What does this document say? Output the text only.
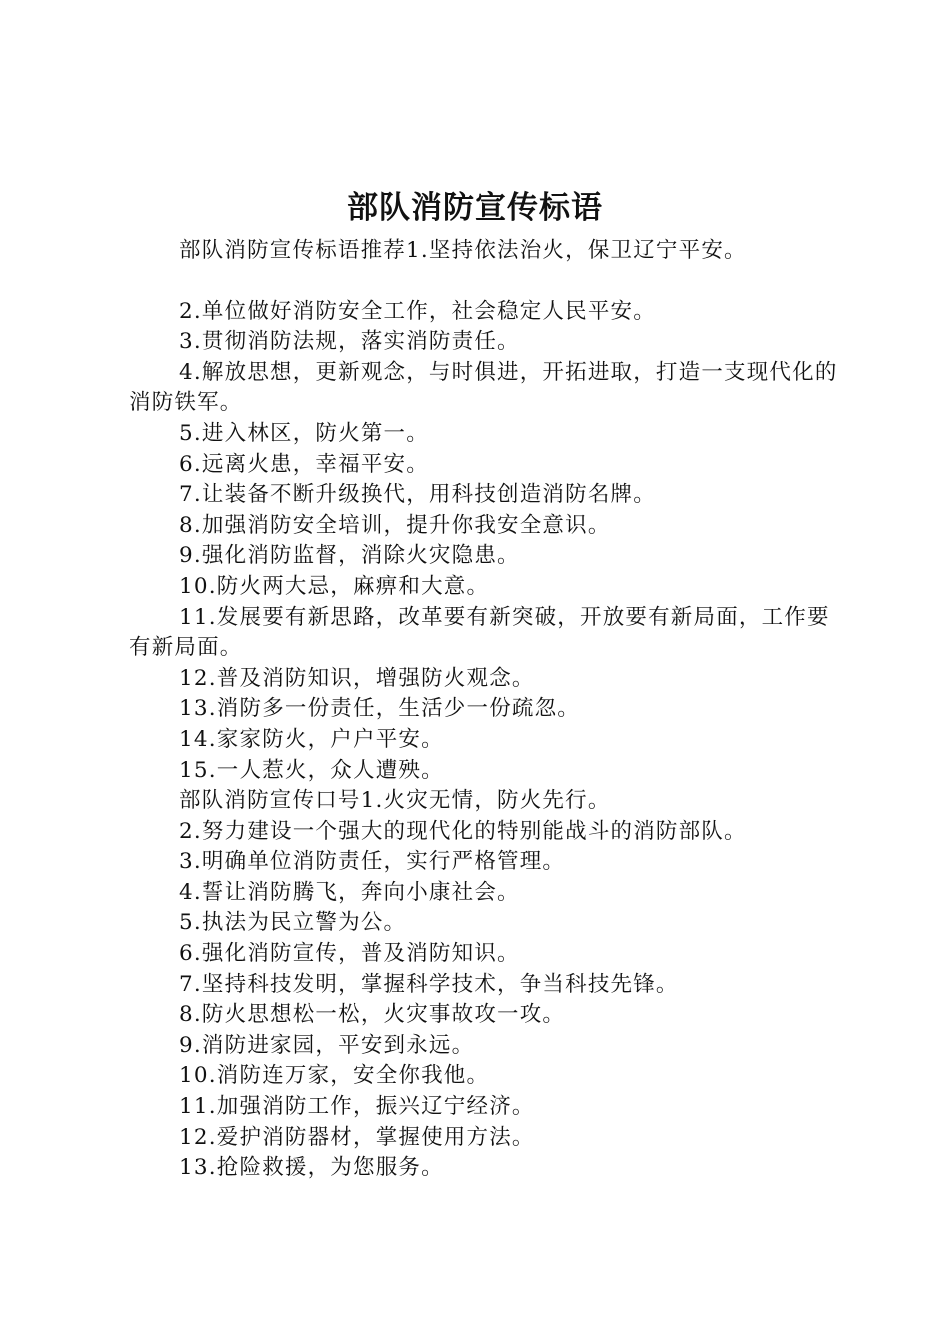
部队消防宣传标语

部队消防宣传标语推荐1.坚持依法治火，保卫辽宁平安。

2.单位做好消防安全工作，社会稳定人民平安。

3.贯彻消防法规，落实消防责任。

4.解放思想，更新观念，与时俱进，开拓进取，打造一支现代化的消防铁军。

5.进入林区，防火第一。

6.远离火患，幸福平安。

7.让装备不断升级换代，用科技创造消防名牌。

8.加强消防安全培训，提升你我安全意识。

9.强化消防监督，消除火灾隐患。

10.防火两大忌，麻痹和大意。

11.发展要有新思路，改革要有新突破，开放要有新局面，工作要有新局面。

12.普及消防知识，增强防火观念。

13.消防多一份责任，生活少一份疏忽。

14.家家防火，户户平安。

15.一人惹火，众人遭殃。

部队消防宣传口号1.火灾无情，防火先行。

2.努力建设一个强大的现代化的特别能战斗的消防部队。

3.明确单位消防责任，实行严格管理。

4.誓让消防腾飞，奔向小康社会。

5.执法为民立警为公。

6.强化消防宣传，普及消防知识。

7.坚持科技发明，掌握科学技术，争当科技先锋。

8.防火思想松一松，火灾事故攻一攻。

9.消防进家园，平安到永远。

10.消防连万家，安全你我他。

11.加强消防工作，振兴辽宁经济。

12.爱护消防器材，掌握使用方法。

13.抢险救援，为您服务。
